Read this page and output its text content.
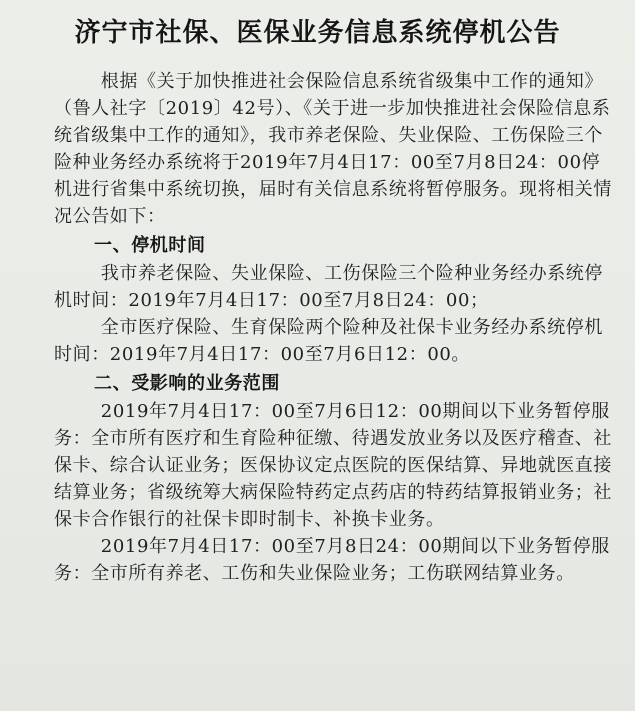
济宁市社保、医保业务信息系统停机公告

根据《关于加快推进社会保险信息系统省级集中工作的通知》（鲁人社字〔2019〕42号）、《关于进一步加快推进社会保险信息系统省级集中工作的通知》，我市养老保险、失业保险、工伤保险三个险种业务经办系统将于2019年7月4日17：00至7月8日24：00停机进行省集中系统切换，届时有关信息系统将暂停服务。现将相关情况公告如下：

一、停机时间

我市养老保险、失业保险、工伤保险三个险种业务经办系统停机时间：2019年7月4日17：00至7月8日24：00；

全市医疗保险、生育保险两个险种及社保卡业务经办系统停机时间：2019年7月4日17：00至7月6日12：00。

二、受影响的业务范围

2019年7月4日17：00至7月6日12：00期间以下业务暂停服务：全市所有医疗和生育险种征缴、待遇发放业务以及医疗稽查、社保卡、综合认证业务；医保协议定点医院的医保结算、异地就医直接结算业务；省级统筹大病保险特药定点药店的特药结算报销业务；社保卡合作银行的社保卡即时制卡、补换卡业务。

2019年7月4日17：00至7月8日24：00期间以下业务暂停服务：全市所有养老、工伤和失业保险业务；工伤联网结算业务。
